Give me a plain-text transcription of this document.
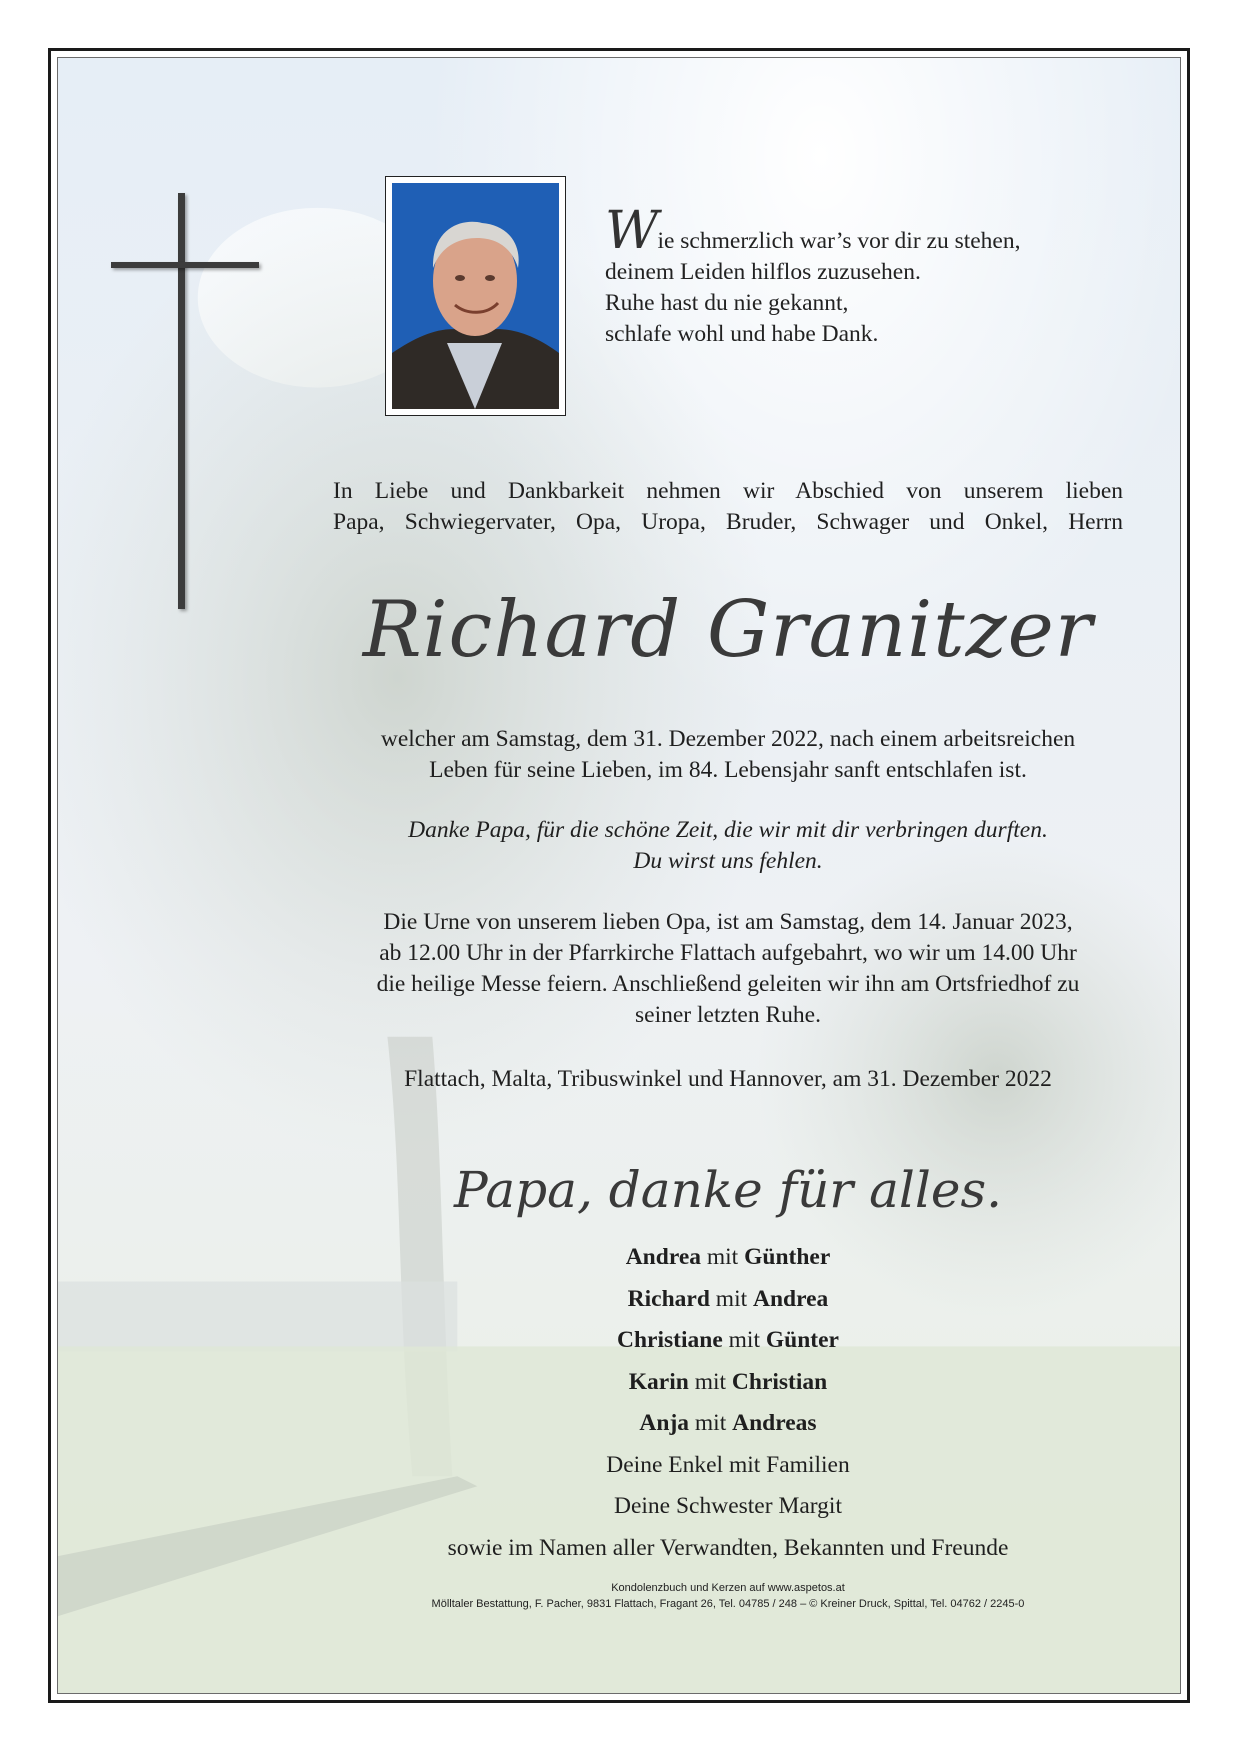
Wie schmerzlich war’s vor dir zu stehen,
deinem Leiden hilflos zuzusehen.
Ruhe hast du nie gekannt,
schlafe wohl und habe Dank.
In Liebe und Dankbarkeit nehmen wir Abschied von unserem lieben
Papa, Schwiegervater, Opa, Uropa, Bruder, Schwager und Onkel, Herrn
Richard Granitzer
welcher am Samstag, dem 31. Dezember 2022, nach einem arbeitsreichen
Leben für seine Lieben, im 84. Lebensjahr sanft entschlafen ist.
Danke Papa, für die schöne Zeit, die wir mit dir verbringen durften.
Du wirst uns fehlen.
Die Urne von unserem lieben Opa, ist am Samstag, dem 14. Januar 2023,
ab 12.00 Uhr in der Pfarrkirche Flattach aufgebahrt, wo wir um 14.00 Uhr
die heilige Messe feiern. Anschließend geleiten wir ihn am Ortsfriedhof zu
seiner letzten Ruhe.
Flattach, Malta, Tribuswinkel und Hannover, am 31. Dezember 2022
Papa, danke für alles.
Andrea mit Günther
Richard mit Andrea
Christiane mit Günter
Karin mit Christian
Anja mit Andreas
Deine Enkel mit Familien
Deine Schwester Margit
sowie im Namen aller Verwandten, Bekannten und Freunde
Kondolenzbuch und Kerzen auf www.aspetos.at
Mölltaler Bestattung, F. Pacher, 9831 Flattach, Fragant 26, Tel. 04785 / 248 – © Kreiner Druck, Spittal, Tel. 04762 / 2245-0
